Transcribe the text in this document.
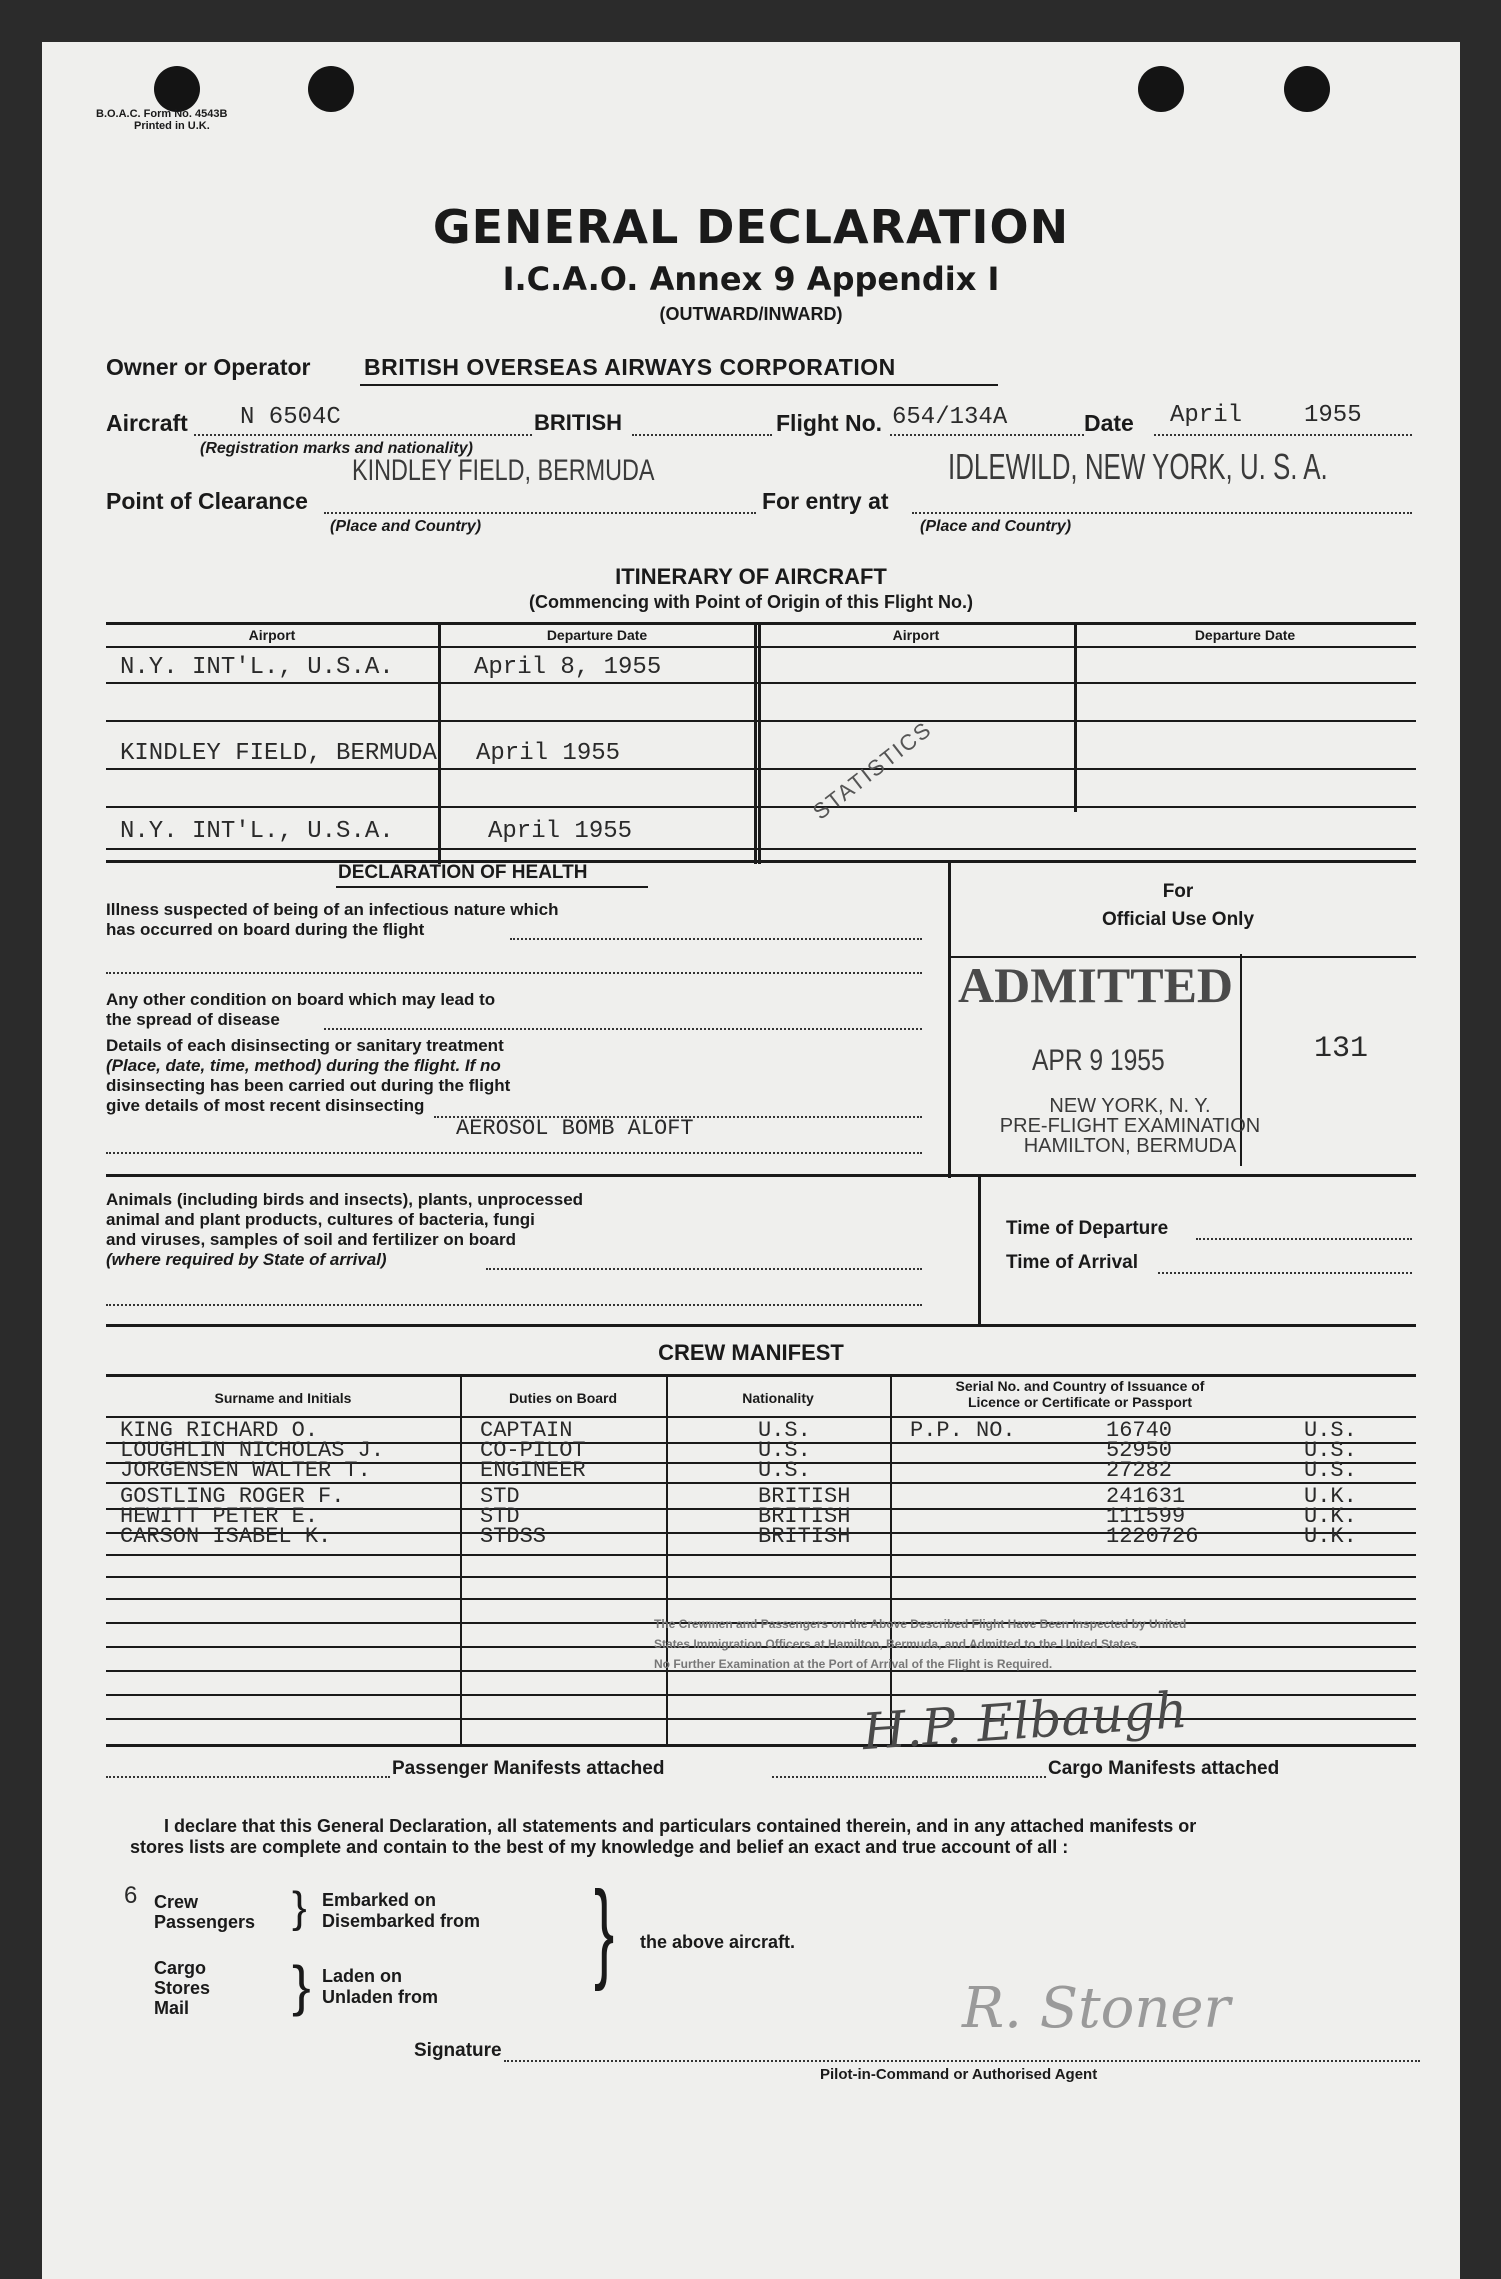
B.O.A.C. Form No. 4543B
Printed in U.K.
GENERAL DECLARATION
I.C.A.O. Annex 9 Appendix I
(OUTWARD/INWARD)
Owner or Operator BRITISH OVERSEAS AIRWAYS CORPORATION
Aircraft N 6504C	BRITISH
(Registration marks and nationality)
Flight No. 654/134A	Date April	1955
KINDLEY FIELD, BERMUDA	IDLEWILD, NEW YORK, U. S. A.
Point of Clearance
(Place and Country)
For entry at
(Place and Country)
ITINERARY OF AIRCRAFT
(Commencing with Point of Origin of this Flight No.)
Airport	Departure Date	Airport	Departure Date
N.Y. INT'L., U.S.A.	April 8, 1955
KINDLEY FIELD, BERMUDA April 1955
N.Y. INT'L., U.S.A.	April 1955
STATISTICS
DECLARATION OF HEALTH
Illness suspected of being of an infectious nature which
has occurred on board during the flight
Any other condition on board which may lead to
the spread of disease
Details of each disinsecting or sanitary treatment
(Place, date, time, method) during the flight. If no
disinsecting has been carried out during the flight
give details of most recent disinsecting
AEROSOL BOMB ALOFT
Animals (including birds and insects), plants, unprocessed
animal and plant products, cultures of bacteria, fungi
and viruses, samples of soil and fertilizer on board
(where required by State of arrival)
For
Official Use Only
ADMITTED
APR 9 1955	131
NEW YORK, N. Y.
PRE-FLIGHT EXAMINATION
HAMILTON, BERMUDA
Time of Departure
Time of Arrival
CREW MANIFEST
Surname and Initials	Duties on Board	Nationality
Serial No. and Country of Issuance of
Licence or Certificate or Passport
KING RICHARD O.	CAPTAIN	U.S.	P.P. NO.	16740	U.S.
LOUGHLIN NICHOLAS J.	CO-PILOT	U.S.	52950	U.S.
JORGENSEN WALTER T.	ENGINEER	U.S.	27282	U.S.
GOSTLING ROGER F.	STD	BRITISH	241631	U.K.
HEWITT PETER E.	STD	BRITISH	111599	U.K.
CARSON ISABEL K.	STDSS	BRITISH	1220726	U.K.
The Crewmen and Passengers on the Above Described Flight Have Been Inspected by United
States Immigration Officers at Hamilton, Bermuda, and Admitted to the United States.
No Further Examination at the Port of Arrival of the Flight is Required.
H.P. Elbaugh
Passenger Manifests attached	Cargo Manifests attached
I declare that this General Declaration, all statements and particulars contained therein, and in any attached manifests or
stores lists are complete and contain to the best of my knowledge and belief an exact and true account of all :
6 Crew
Passengers } Embarked on
Disembarked from
Cargo
Stores
Mail	} Laden on
Unladen from
} the above aircraft.
R. Stoner
Signature
Pilot-in-Command or Authorised Agent
